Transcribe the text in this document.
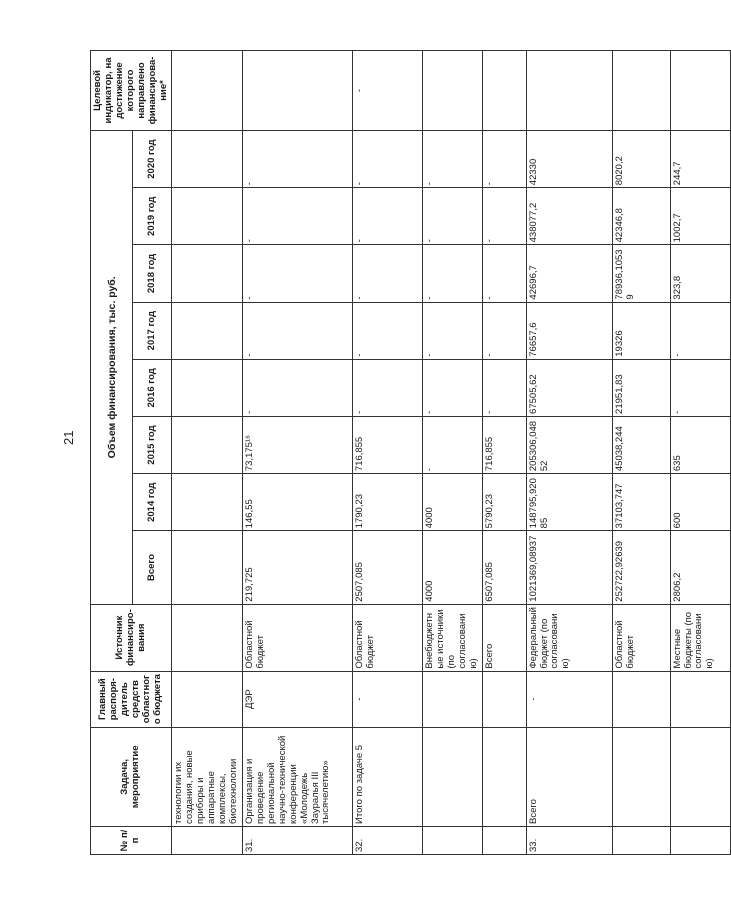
21
№ п/п	Задача, мероприятие	Главный распоря-дитель средств областного бюджета	Источник финансиро-вания	Объем финансирования, тыс. руб.								Целевой индикатор, на достижение которого направлено финансирова-ние*
				Всего	2014 год	2015 год	2016 год	2017 год	2018 год	2019 год	2020 год	
	технологии их создания, новые приборы и аппаратные комплексы, биотехнологии											
31.	Организация и проведение региональной научно-технической конференции «Молодежь Зауралья III тысячелетию»	ДЭР	Областной бюджет	219,725	146,55	73,175¹⁶	-	-	-	-	-	
32.	Итого по задаче 5	-	Областной бюджет	2507,085	1790,23	716,855	-	-	-	-	-	-
			Внебюджетные источники (по согласованию)	4000	4000	-	-	-	-	-	-	
			Всего	6507,085	5790,23	716,855	-	-	-	-	-	
33.	Всего	-	Федеральный бюджет (по согласованию)	1021369,08937	148795,92085	205306,04852	67505,62	76657,6	42696,7	438077,2	42330	
			Областной бюджет	252722,92639	37103,747	45038,244	21951,83	19326	78936,10539	42346,8	8020,2	
			Местные бюджеты (по согласованию)	2806,2	600	635	-	-	323,8	1002,7	244,7	
